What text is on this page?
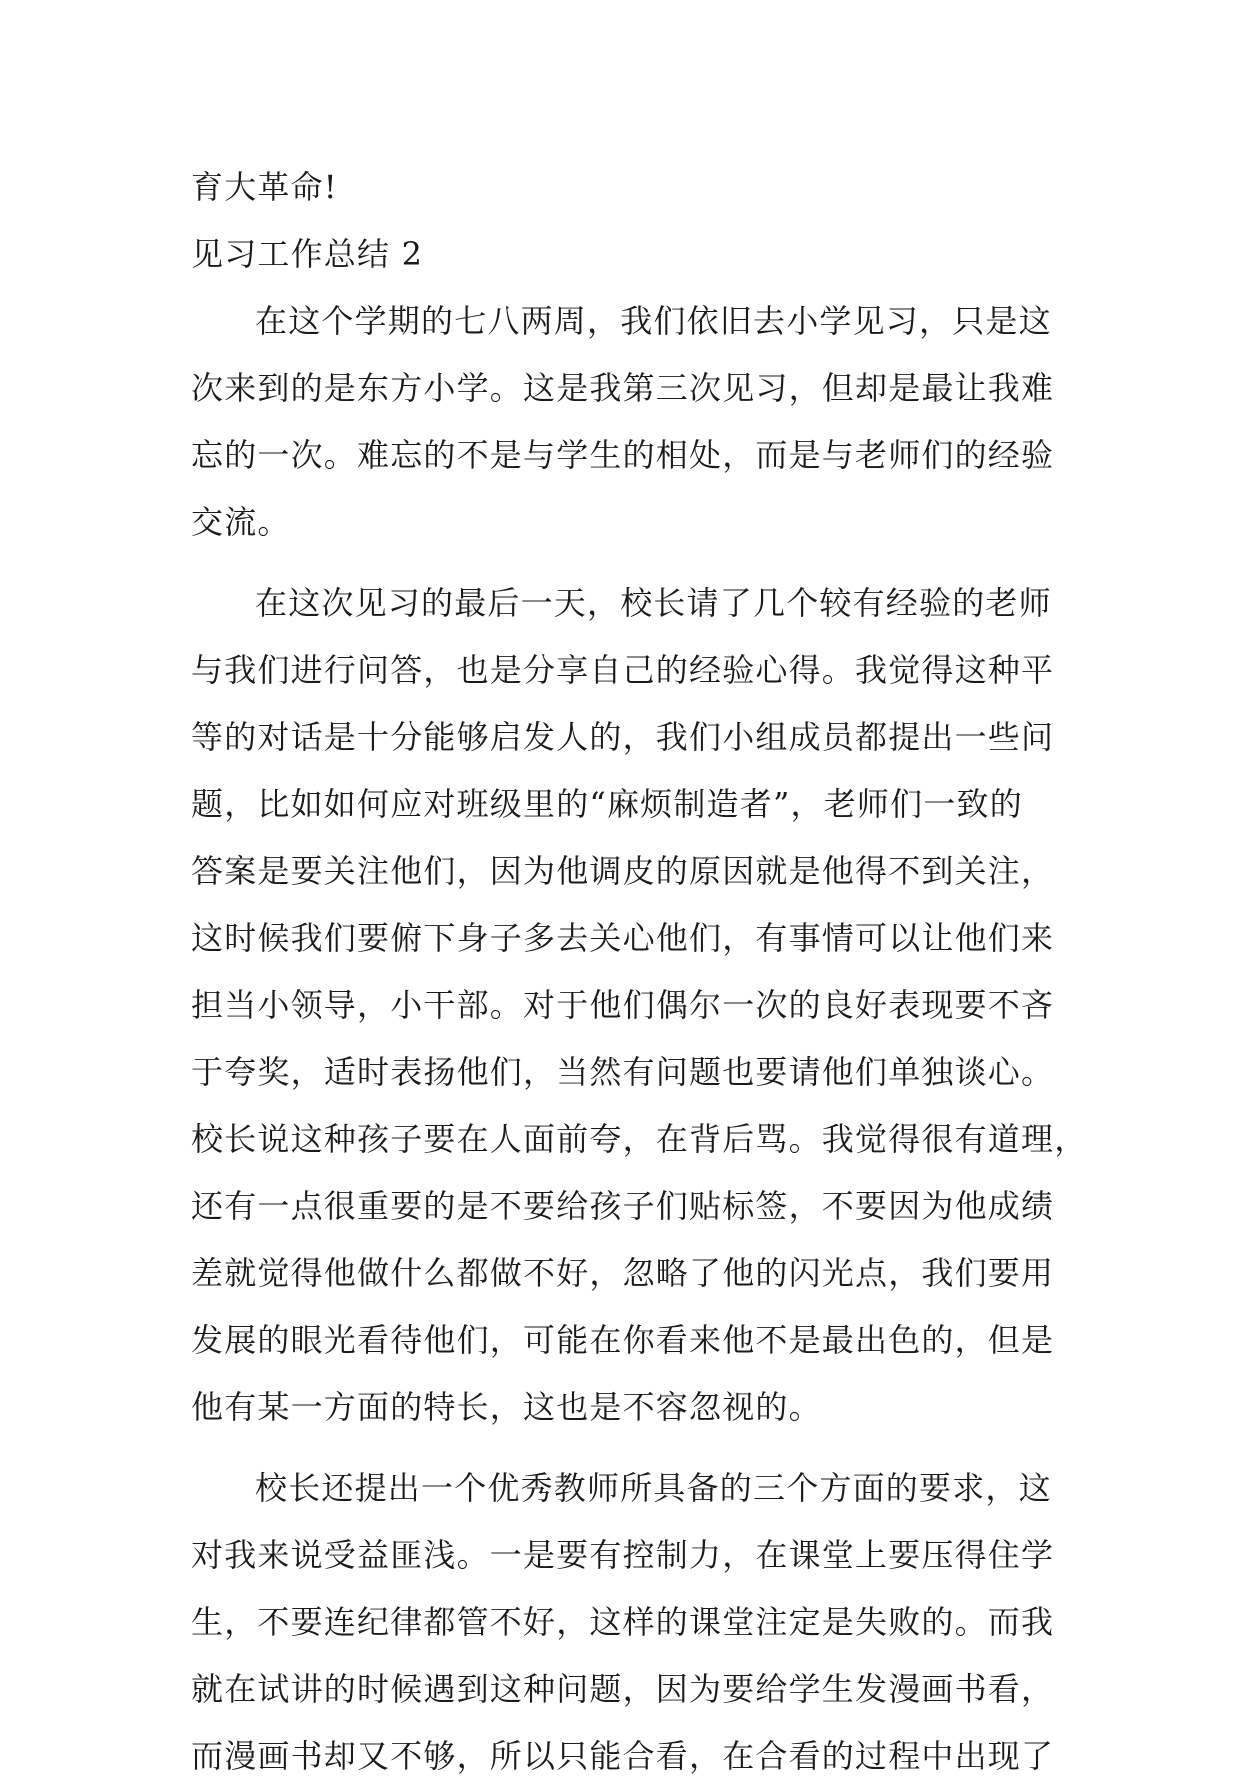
育大革命!
见习工作总结 2
在这个学期的七八两周，我们依旧去小学见习，只是这
次来到的是东方小学。这是我第三次见习，但却是最让我难
忘的一次。难忘的不是与学生的相处，而是与老师们的经验
交流。
在这次见习的最后一天，校长请了几个较有经验的老师
与我们进行问答，也是分享自己的经验心得。我觉得这种平
等的对话是十分能够启发人的，我们小组成员都提出一些问
题，比如如何应对班级里的“麻烦制造者”，老师们一致的
答案是要关注他们，因为他调皮的原因就是他得不到关注，
这时候我们要俯下身子多去关心他们，有事情可以让他们来
担当小领导，小干部。对于他们偶尔一次的良好表现要不吝
于夸奖，适时表扬他们，当然有问题也要请他们单独谈心。
校长说这种孩子要在人面前夸，在背后骂。我觉得很有道理，
还有一点很重要的是不要给孩子们贴标签，不要因为他成绩
差就觉得他做什么都做不好，忽略了他的闪光点，我们要用
发展的眼光看待他们，可能在你看来他不是最出色的，但是
他有某一方面的特长，这也是不容忽视的。
校长还提出一个优秀教师所具备的三个方面的要求，这
对我来说受益匪浅。一是要有控制力，在课堂上要压得住学
生，不要连纪律都管不好，这样的课堂注定是失败的。而我
就在试讲的时候遇到这种问题，因为要给学生发漫画书看，
而漫画书却又不够，所以只能合看，在合看的过程中出现了
